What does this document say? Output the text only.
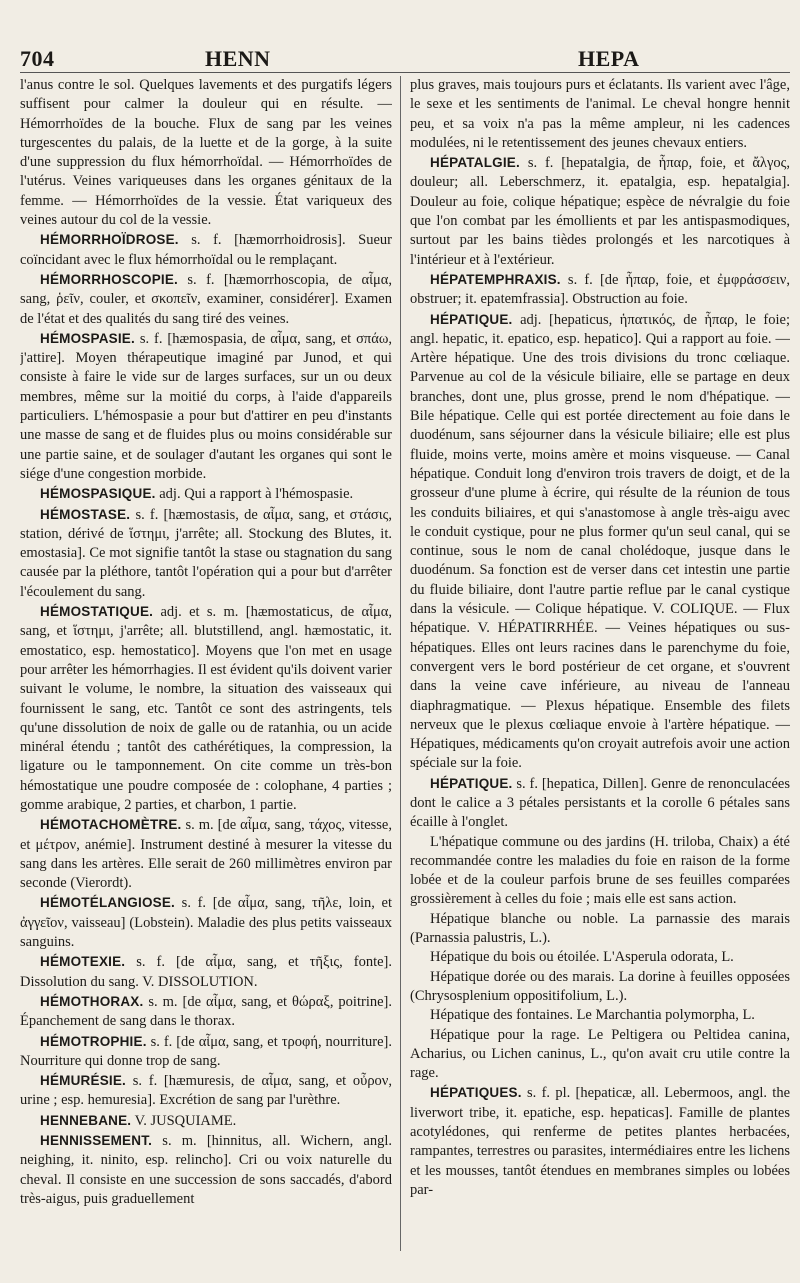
704	HENN	HEPA

l'anus contre le sol. Quelques lavements et des purgatifs légers suffisent pour calmer la douleur qui en résulte. — Hémorrhoïdes de la bouche. Flux de sang par les veines turgescentes du palais, de la luette et de la gorge, à la suite d'une suppression du flux hémorrhoïdal. — Hémorrhoïdes de l'utérus. Veines variqueuses dans les organes génitaux de la femme. — Hémorrhoïdes de la vessie. État variqueux des veines autour du col de la vessie.

HÉMORRHOÏDROSE. s. f. [hæmorrhoidrosis]. Sueur coïncidant avec le flux hémorrhoïdal ou le remplaçant.

HÉMORRHOSCOPIE. s. f. [hæmorrhoscopia, de αἷμα, sang, ῥεῖν, couler, et σκοπεῖν, examiner, considérer]. Examen de l'état et des qualités du sang tiré des veines.

HÉMOSPASIE. s. f. [hæmospasia, de αἷμα, sang, et σπάω, j'attire]. Moyen thérapeutique imaginé par Junod, et qui consiste à faire le vide sur de larges surfaces, sur un ou deux membres, même sur la moitié du corps, à l'aide d'appareils particuliers. L'hémospasie a pour but d'attirer en peu d'instants une masse de sang et de fluides plus ou moins considérable sur une partie saine, et de soulager d'autant les organes qui sont le siége d'une congestion morbide.

HÉMOSPASIQUE. adj. Qui a rapport à l'hémospasie.

HÉMOSTASE. s. f. [hæmostasis, de αἷμα, sang, et στάσις, station, dérivé de ἵστημι, j'arrête; all. Stockung des Blutes, it. emostasia]. Ce mot signifie tantôt la stase ou stagnation du sang causée par la pléthore, tantôt l'opération qui a pour but d'arrêter l'écoulement du sang.

HÉMOSTATIQUE. adj. et s. m. [hæmostaticus, de αἷμα, sang, et ἵστημι, j'arrête; all. blutstillend, angl. hæmostatic, it. emostatico, esp. hemostatico]. Moyens que l'on met en usage pour arrêter les hémorrhagies. Il est évident qu'ils doivent varier suivant le volume, le nombre, la situation des vaisseaux qui fournissent le sang, etc. Tantôt ce sont des astringents, tels qu'une dissolution de noix de galle ou de ratanhia, ou un acide minéral étendu ; tantôt des cathérétiques, la compression, la ligature ou le tamponnement. On cite comme un très-bon hémostatique une poudre composée de : colophane, 4 parties ; gomme arabique, 2 parties, et charbon, 1 partie.

HÉMOTACHOMÈTRE. s. m. [de αἷμα, sang, τάχος, vitesse, et μέτρον, anémie]. Instrument destiné à mesurer la vitesse du sang dans les artères. Elle serait de 260 millimètres environ par seconde (Vierordt).

HÉMOTÉLANGIOSE. s. f. [de αἷμα, sang, τῆλε, loin, et ἀγγεῖον, vaisseau] (Lobstein). Maladie des plus petits vaisseaux sanguins.

HÉMOTEXIE. s. f. [de αἷμα, sang, et τῆξις, fonte]. Dissolution du sang. V. DISSOLUTION.

HÉMOTHORAX. s. m. [de αἷμα, sang, et θώραξ, poitrine]. Épanchement de sang dans le thorax.

HÉMOTROPHIE. s. f. [de αἷμα, sang, et τροφή, nourriture]. Nourriture qui donne trop de sang.

HÉMURÉSIE. s. f. [hæmuresis, de αἷμα, sang, et οὖρον, urine ; esp. hemuresia]. Excrétion de sang par l'urèthre.

HENNEBANE. V. JUSQUIAME.

HENNISSEMENT. s. m. [hinnitus, all. Wichern, angl. neighing, it. ninito, esp. relincho]. Cri ou voix naturelle du cheval. Il consiste en une succession de sons saccadés, d'abord très-aigus, puis graduellement

plus graves, mais toujours purs et éclatants. Ils varient avec l'âge, le sexe et les sentiments de l'animal. Le cheval hongre hennit peu, et sa voix n'a pas la même ampleur, ni les cadences modulées, ni le retentissement des jeunes chevaux entiers.

HÉPATALGIE. s. f. [hepatalgia, de ἧπαρ, foie, et ἄλγος, douleur; all. Leberschmerz, it. epatalgia, esp. hepatalgia]. Douleur au foie, colique hépatique; espèce de névralgie du foie que l'on combat par les émollients et par les antispasmodiques, surtout par les bains tièdes prolongés et les narcotiques à l'intérieur et à l'extérieur.

HÉPATEMPHRAXIS. s. f. [de ἧπαρ, foie, et ἐμφράσσειν, obstruer; it. epatemfrassia]. Obstruction au foie.

HÉPATIQUE. adj. [hepaticus, ἡπατικός, de ἧπαρ, le foie; angl. hepatic, it. epatico, esp. hepatico]. Qui a rapport au foie. — Artère hépatique. Une des trois divisions du tronc cœliaque. Parvenue au col de la vésicule biliaire, elle se partage en deux branches, dont une, plus grosse, prend le nom d'hépatique. — Bile hépatique. Celle qui est portée directement au foie dans le duodénum, sans séjourner dans la vésicule biliaire; elle est plus fluide, moins verte, moins amère et moins visqueuse. — Canal hépatique. Conduit long d'environ trois travers de doigt, et de la grosseur d'une plume à écrire, qui résulte de la réunion de tous les conduits biliaires, et qui s'anastomose à angle très-aigu avec le conduit cystique, pour ne plus former qu'un seul canal, qui se continue, sous le nom de canal cholédoque, jusque dans le duodénum. Sa fonction est de verser dans cet intestin une partie du fluide biliaire, dont l'autre partie reflue par le canal cystique dans la vésicule. — Colique hépatique. V. COLIQUE. — Flux hépatique. V. HÉPATIRRHÉE. — Veines hépatiques ou sus-hépatiques. Elles ont leurs racines dans le parenchyme du foie, convergent vers le bord postérieur de cet organe, et s'ouvrent dans la veine cave inférieure, au niveau de l'anneau diaphragmatique. — Plexus hépatique. Ensemble des filets nerveux que le plexus cœliaque envoie à l'artère hépatique. — Hépatiques, médicaments qu'on croyait autrefois avoir une action spéciale sur la foie.

HÉPATIQUE. s. f. [hepatica, Dillen]. Genre de renonculacées dont le calice a 3 pétales persistants et la corolle 6 pétales sans écaille à l'onglet.

L'hépatique commune ou des jardins (H. triloba, Chaix) a été recommandée contre les maladies du foie en raison de la forme lobée et de la couleur parfois brune de ses feuilles comparées grossièrement à celles du foie ; mais elle est sans action.

Hépatique blanche ou noble. La parnassie des marais (Parnassia palustris, L.).

Hépatique du bois ou étoilée. L'Asperula odorata, L.

Hépatique dorée ou des marais. La dorine à feuilles opposées (Chrysosplenium oppositifolium, L.).

Hépatique des fontaines. Le Marchantia polymorpha, L.

Hépatique pour la rage. Le Peltigera ou Peltidea canina, Acharius, ou Lichen caninus, L., qu'on avait cru utile contre la rage.

HÉPATIQUES. s. f. pl. [hepaticæ, all. Lebermoos, angl. the liverwort tribe, it. epatiche, esp. hepaticas]. Famille de plantes acotylédones, qui renferme de petites plantes herbacées, rampantes, terrestres ou parasites, intermédiaires entre les lichens et les mousses, tantôt étendues en membranes simples ou lobées par-
